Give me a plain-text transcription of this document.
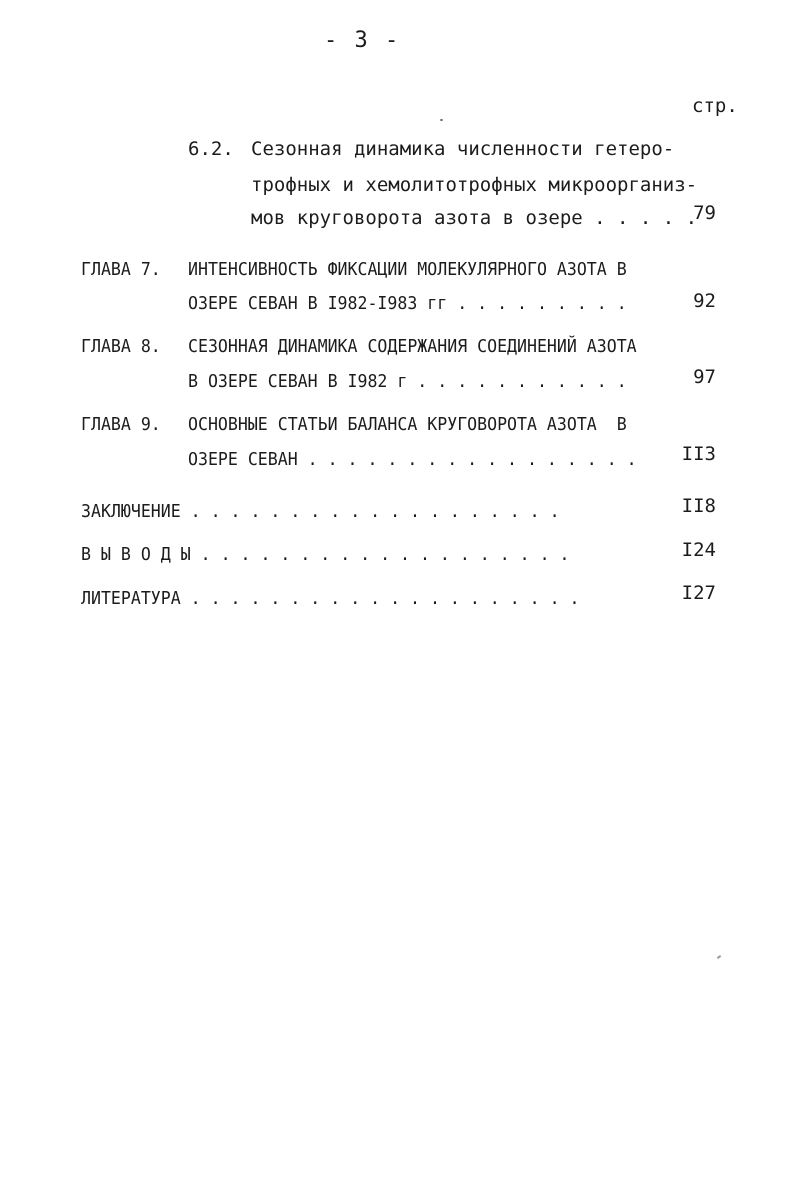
- 3 -
стр.
6.2. Сезонная динамика численности гетеро-
трофных и хемолитотрофных микроорганиз-
мов круговорота азота в озере . . . . .
79
ГЛАВА 7. ИНТЕНСИВНОСТЬ ФИКСАЦИИ МОЛЕКУЛЯРНОГО АЗОТА В
ОЗЕРЕ СЕВАН В I982-I983 гг . . . . . . . . .	92
ГЛАВА 8. СЕЗОННАЯ ДИНАМИКА СОДЕРЖАНИЯ СОЕДИНЕНИЙ АЗОТА
В ОЗЕРЕ СЕВАН В I982 г . . . . . . . . . . .	97
ГЛАВА 9. ОСНОВНЫЕ СТАТЬИ БАЛАНСА КРУГОВОРОТА АЗОТА  В
ОЗЕРЕ СЕВАН . . . . . . . . . . . . . . . . .	II3
ЗАКЛЮЧЕНИЕ . . . . . . . . . . . . . . . . . . .	II8
В Ы В О Д Ы . . . . . . . . . . . . . . . . . . .	I24
ЛИТЕРАТУРА . . . . . . . . . . . . . . . . . . . .	I27
